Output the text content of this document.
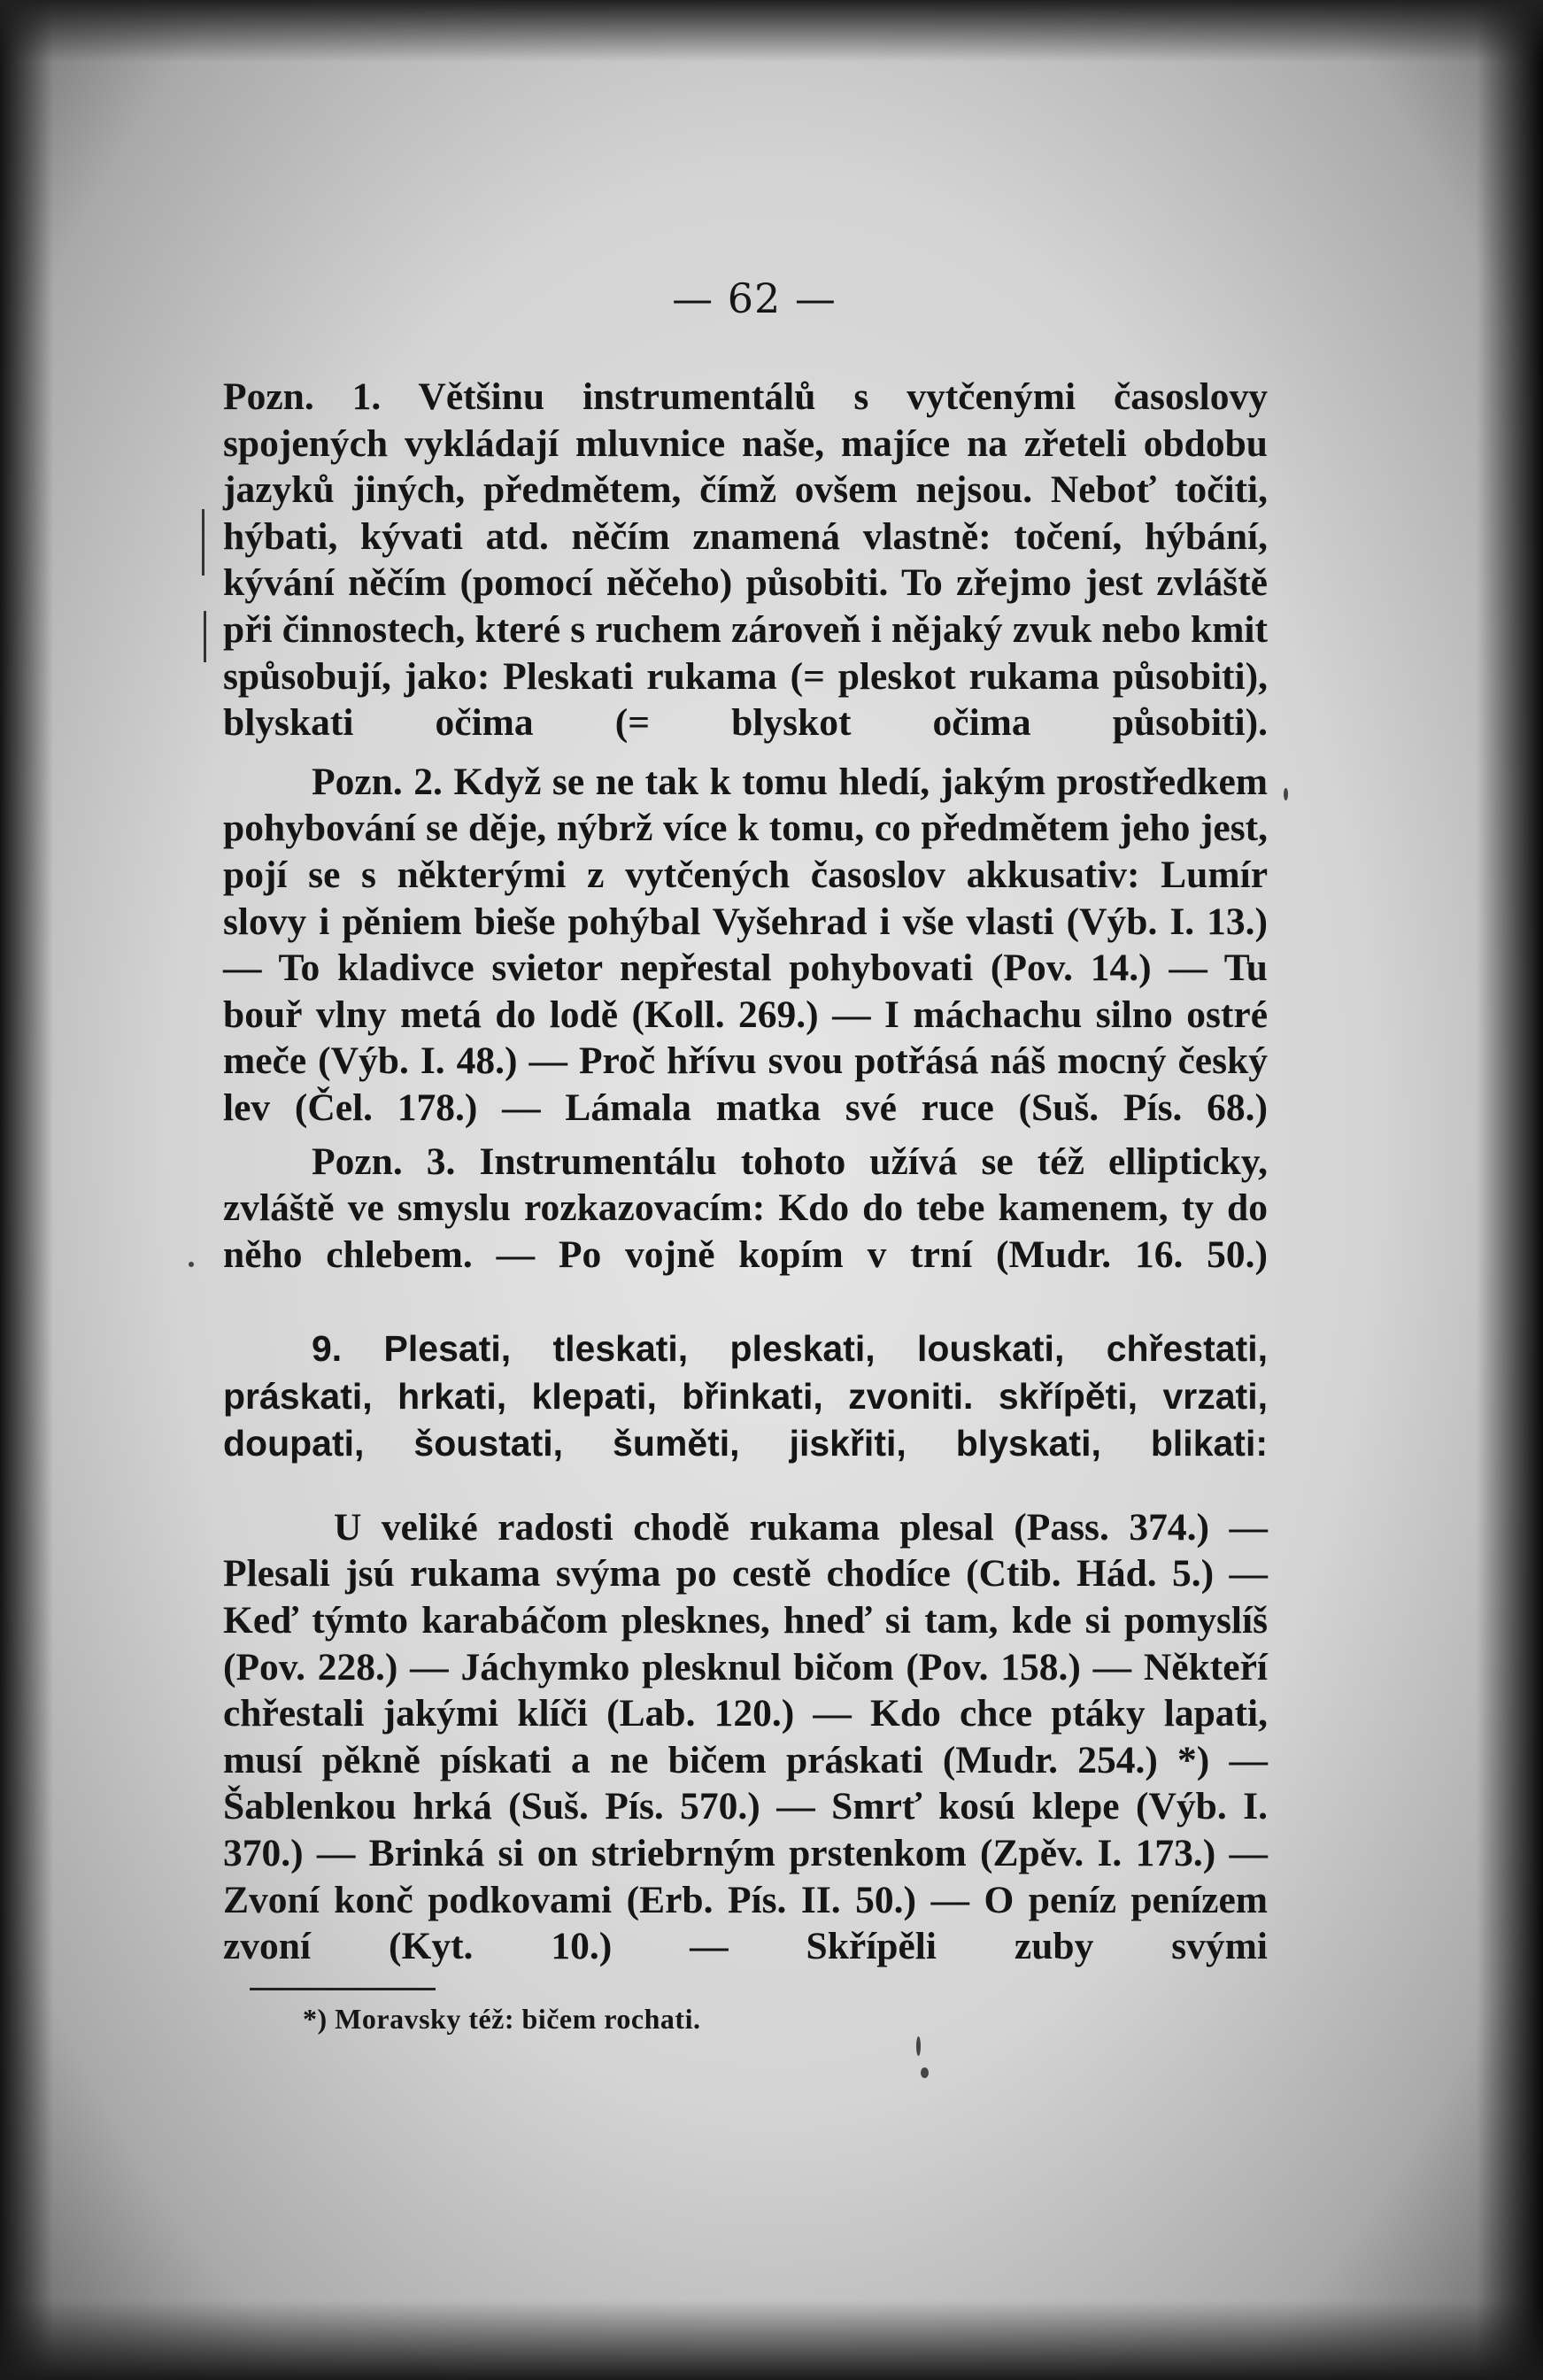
— 62 —

Pozn. 1. Většinu instrumentálů s vytčenými časoslovy spojených vykládají mluvnice naše, majíce na zřeteli obdobu jazyků jiných, předmětem, čímž ovšem nejsou. Neboť točiti, hýbati, kývati atd. něčím znamená vlastně: točení, hýbání, kývání něčím (pomocí něčeho) působiti. To zřejmo jest zvláště při činnostech, které s ruchem zároveň i nějaký zvuk nebo kmit spůsobují, jako: Pleskati rukama (= pleskot rukama působiti), blyskati očima (= blyskot očima působiti).

Pozn. 2. Když se ne tak k tomu hledí, jakým prostředkem pohybování se děje, nýbrž více k tomu, co předmětem jeho jest, pojí se s některými z vytčených časoslov akkusativ: Lumír slovy i pěniem bieše pohýbal Vyšehrad i vše vlasti (Výb. I. 13.) — To kladivce svietor nepřestal pohybovati (Pov. 14.) — Tu bouř vlny metá do lodě (Koll. 269.) — I máchachu silno ostré meče (Výb. I. 48.) — Proč hřívu svou potřásá náš mocný český lev (Čel. 178.) — Lámala matka své ruce (Suš. Pís. 68.)

Pozn. 3. Instrumentálu tohoto užívá se též ellipticky, zvláště ve smyslu rozkazovacím: Kdo do tebe kamenem, ty do něho chlebem. — Po vojně kopím v trní (Mudr. 16. 50.)

9. Plesati, tleskati, pleskati, louskati, chřestati, práskati, hrkati, klepati, břinkati, zvoniti. skřípěti, vrzati, doupati, šoustati, šuměti, jiskřiti, blyskati, blikati:

U veliké radosti chodě rukama plesal (Pass. 374.) — Plesali jsú rukama svýma po cestě chodíce (Ctib. Hád. 5.) — Keď týmto karabáčom plesknes, hneď si tam, kde si pomyslíš (Pov. 228.) — Jáchymko plesknul bičom (Pov. 158.) — Někteří chřestali jakými klíči (Lab. 120.) — Kdo chce ptáky lapati, musí pěkně pískati a ne bičem práskati (Mudr. 254.) *) — Šablenkou hrká (Suš. Pís. 570.) — Smrť kosú klepe (Výb. I. 370.) — Brinká si on striebrným prstenkom (Zpěv. I. 173.) — Zvoní konč podkovami (Erb. Pís. II. 50.) — O peníz penízem zvoní (Kyt. 10.) — Skřípěli zuby svými

*) Moravsky též: bičem rochati.
